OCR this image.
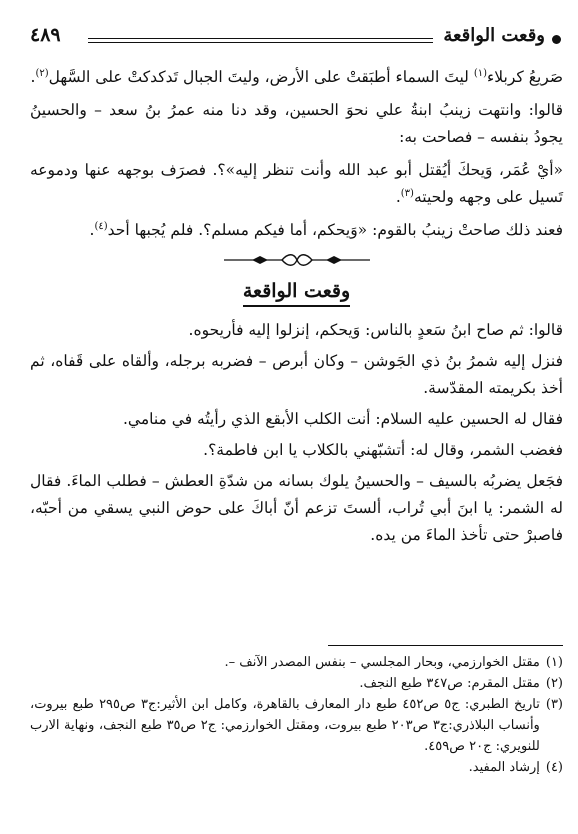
وقعت الواقعة
٤٨٩

صَريعُ كربلاء$^{(١)}$ ليتَ السماء أطبَقتْ على الأرض، وليتَ الجبال تَدكدكتْ على السَّهل$^{(٢)}$.

قالوا: وانتهت زينبُ ابنةُ علي نحوَ الحسين، وقد دنا منه عمرُ بنُ سعد – والحسينُ يجودُ بنفسه – فصاحت به:

«أيْ عُمَر، وَيحكَ أيُقتل أبو عبد الله وأنت تنظر إليه»؟. فصرَف بوجهه عنها ودموعه تَسيل على وجهه ولحيته$^{(٣)}$.

فعند ذلك صاحتْ زينبُ بالقوم: «وَيحكم، أما فيكم مسلم؟. فلم يُجبها أحد$^{(٤)}$.

وقعت الواقعة

قالوا: ثم صاح ابنُ سَعدٍ بالناس: وَيحكم، إنزلوا إليه فأريحوه.

فنزل إليه شمرُ بنُ ذي الجَوشن – وكان أبرص – فضربه برجله، وألقاه على قَفاه، ثم أخذ بكريمته المقدّسة.

فقال له الحسين عليه السلام: أنت الكلب الأبقع الذي رأيتُه في منامي.

فغضب الشمر، وقال له: أتشبّهني بالكلاب يا ابن فاطمة؟.

فجَعل يضربُه بالسيف – والحسينُ يلوك بسانه من شدّةِ العطش – فطلب الماءَ. فقال له الشمر: يا ابنَ أبي تُراب، ألستَ تزعم أنّ أباكَ على حوض النبي يسقي من أحبّه، فاصبرْ حتى تأخذ الماءَ من يده.

(١)
مقتل الخوارزمي، وبحار المجلسي – بنفس المصدر الآنف –.

(٢)
مقتل المقرم: ص٣٤٧ طبع النجف.

(٣)
تاريخ الطبري: ج٥ ص٤٥٢ طبع دار المعارف بالقاهرة، وكامل ابن الأثير:ج٣ ص٢٩٥ طبع بيروت، وأنساب البلاذري:ج٣ ص٢٠٣ طبع بيروت، ومقتل الخوارزمي: ج٢ ص٣٥ طبع النجف، ونهاية الارب للنويري: ج٢٠ ص٤٥٩.

(٤)
إرشاد المفيد.
